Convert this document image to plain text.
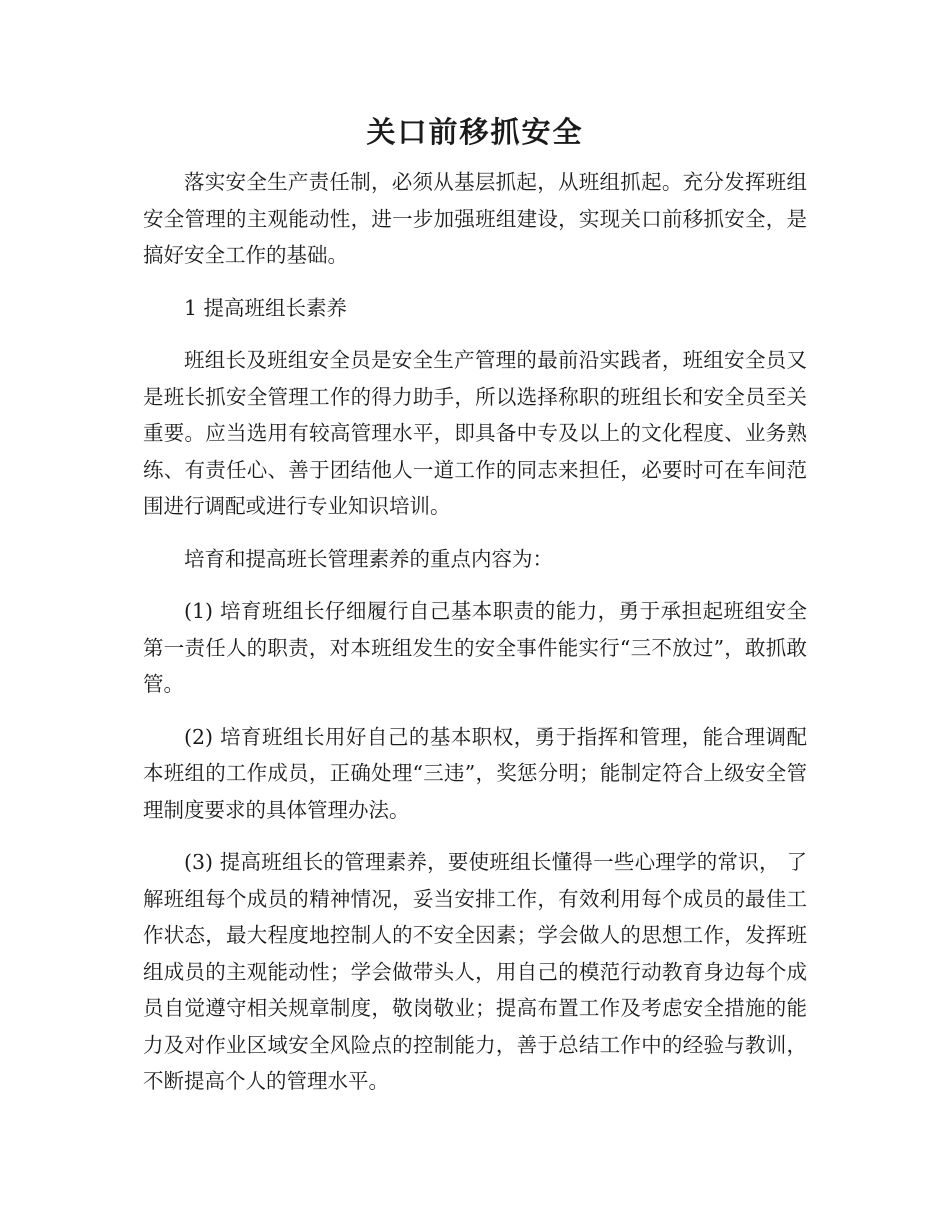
关口前移抓安全

落实安全生产责任制，必须从基层抓起，从班组抓起。充分发挥班组安全管理的主观能动性，进一步加强班组建设，实现关口前移抓安全，是搞好安全工作的基础。

1 提高班组长素养

班组长及班组安全员是安全生产管理的最前沿实践者，班组安全员又是班长抓安全管理工作的得力助手，所以选择称职的班组长和安全员至关重要。应当选用有较高管理水平，即具备中专及以上的文化程度、业务熟练、有责任心、善于团结他人一道工作的同志来担任，必要时可在车间范围进行调配或进行专业知识培训。

培育和提高班长管理素养的重点内容为：

(1) 培育班组长仔细履行自己基本职责的能力，勇于承担起班组安全第一责任人的职责，对本班组发生的安全事件能实行“三不放过”，敢抓敢管。

(2) 培育班组长用好自己的基本职权，勇于指挥和管理，能合理调配本班组的工作成员，正确处理“三违”，奖惩分明；能制定符合上级安全管理制度要求的具体管理办法。

(3) 提高班组长的管理素养，要使班组长懂得一些心理学的常识， 了解班组每个成员的精神情况，妥当安排工作，有效利用每个成员的最佳工作状态，最大程度地控制人的不安全因素；学会做人的思想工作，发挥班组成员的主观能动性；学会做带头人，用自己的模范行动教育身边每个成员自觉遵守相关规章制度，敬岗敬业；提高布置工作及考虑安全措施的能力及对作业区域安全风险点的控制能力，善于总结工作中的经验与教训，不断提高个人的管理水平。
